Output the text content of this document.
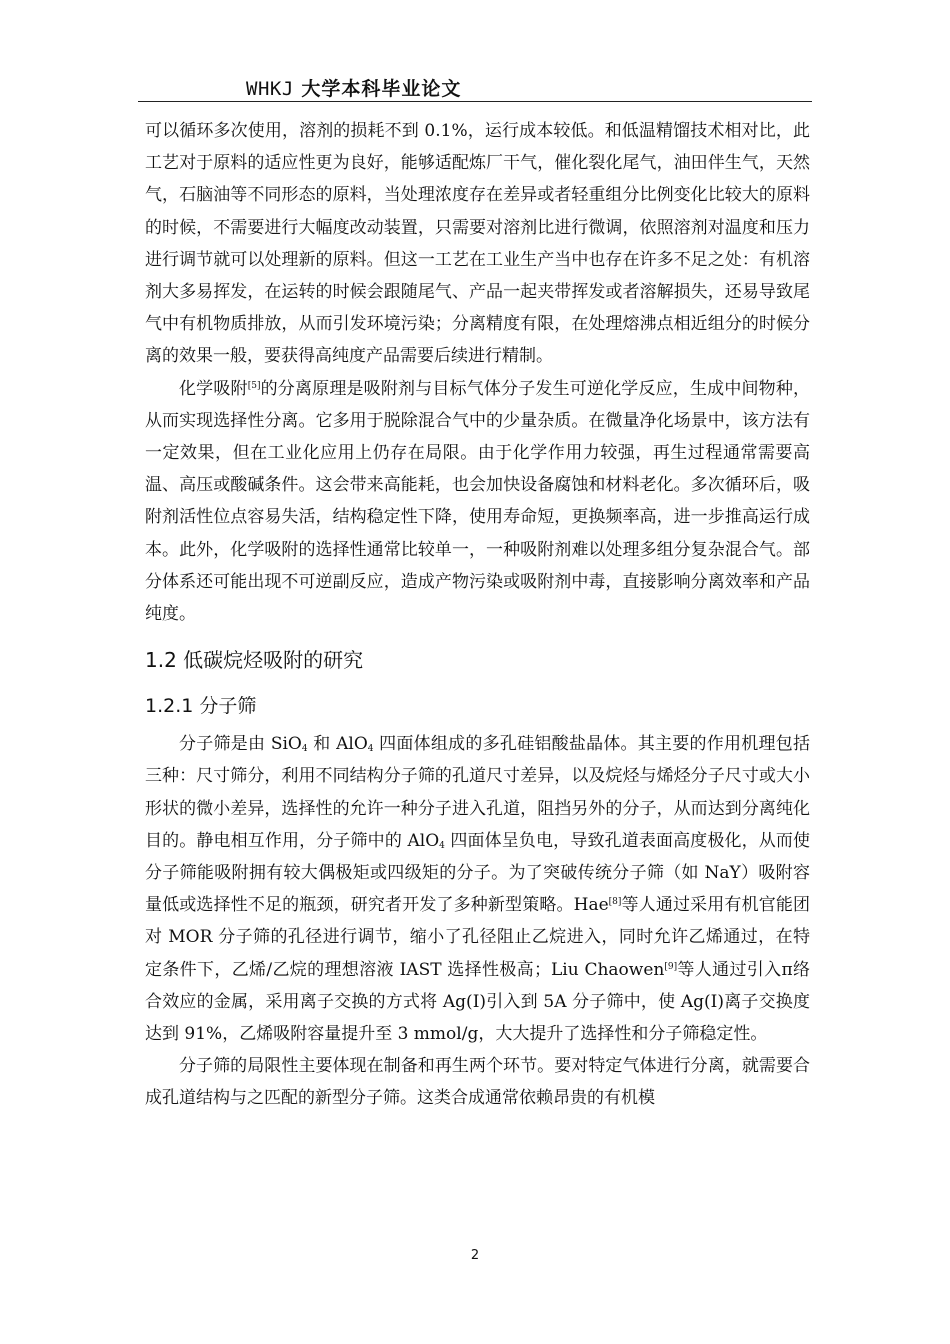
WHKJ 大学本科毕业论文

可以循环多次使用，溶剂的损耗不到 0.1%，运行成本较低。和低温精馏技术相对比，此工艺对于原料的适应性更为良好，能够适配炼厂干气，催化裂化尾气，油田伴生气，天然气，石脑油等不同形态的原料，当处理浓度存在差异或者轻重组分比例变化比较大的原料的时候，不需要进行大幅度改动装置，只需要对溶剂比进行微调，依照溶剂对温度和压力进行调节就可以处理新的原料。但这一工艺在工业生产当中也存在许多不足之处：有机溶剂大多易挥发，在运转的时候会跟随尾气、产品一起夹带挥发或者溶解损失，还易导致尾气中有机物质排放，从而引发环境污染；分离精度有限，在处理熔沸点相近组分的时候分离的效果一般，要获得高纯度产品需要后续进行精制。

化学吸附[5]的分离原理是吸附剂与目标气体分子发生可逆化学反应，生成中间物种，从而实现选择性分离。它多用于脱除混合气中的少量杂质。在微量净化场景中，该方法有一定效果，但在工业化应用上仍存在局限。由于化学作用力较强，再生过程通常需要高温、高压或酸碱条件。这会带来高能耗，也会加快设备腐蚀和材料老化。多次循环后，吸附剂活性位点容易失活，结构稳定性下降，使用寿命短，更换频率高，进一步推高运行成本。此外，化学吸附的选择性通常比较单一，一种吸附剂难以处理多组分复杂混合气。部分体系还可能出现不可逆副反应，造成产物污染或吸附剂中毒，直接影响分离效率和产品纯度。

1.2 低碳烷烃吸附的研究
1.2.1 分子筛

分子筛是由 SiO$_4$ 和 AlO$_4$ 四面体组成的多孔硅铝酸盐晶体。其主要的作用机理包括三种：尺寸筛分，利用不同结构分子筛的孔道尺寸差异，以及烷烃与烯烃分子尺寸或大小形状的微小差异，选择性的允许一种分子进入孔道，阻挡另外的分子，从而达到分离纯化目的。静电相互作用，分子筛中的 AlO$_4$ 四面体呈负电，导致孔道表面高度极化，从而使分子筛能吸附拥有较大偶极矩或四级矩的分子。为了突破传统分子筛（如 NaY）吸附容量低或选择性不足的瓶颈，研究者开发了多种新型策略。Hae[8]等人通过采用有机官能团对 MOR 分子筛的孔径进行调节，缩小了孔径阻止乙烷进入，同时允许乙烯通过，在特定条件下，乙烯/乙烷的理想溶液 IAST 选择性极高；Liu Chaowen[9]等人通过引入π络合效应的金属，采用离子交换的方式将 Ag(I)引入到 5A 分子筛中，使 Ag(I)离子交换度达到 91%，乙烯吸附容量提升至 3 mmol/g，大大提升了选择性和分子筛稳定性。

分子筛的局限性主要体现在制备和再生两个环节。要对特定气体进行分离，就需要合成孔道结构与之匹配的新型分子筛。这类合成通常依赖昂贵的有机模

2
